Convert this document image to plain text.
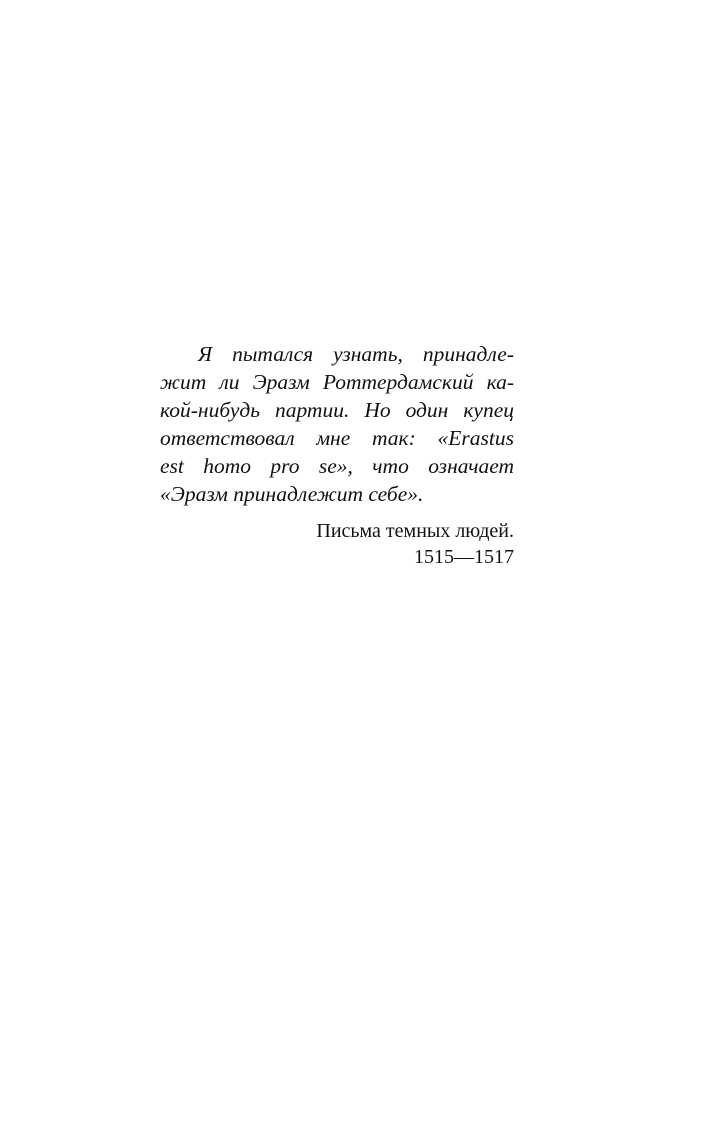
Я пытался узнать, принадле-
жит ли Эразм Роттердамский ка-
кой-нибудь партии. Но один купец
ответствовал мне так: «Erastus
est homo pro se», что означает
«Эразм принадлежит себе».
Письма темных людей.
1515—1517
